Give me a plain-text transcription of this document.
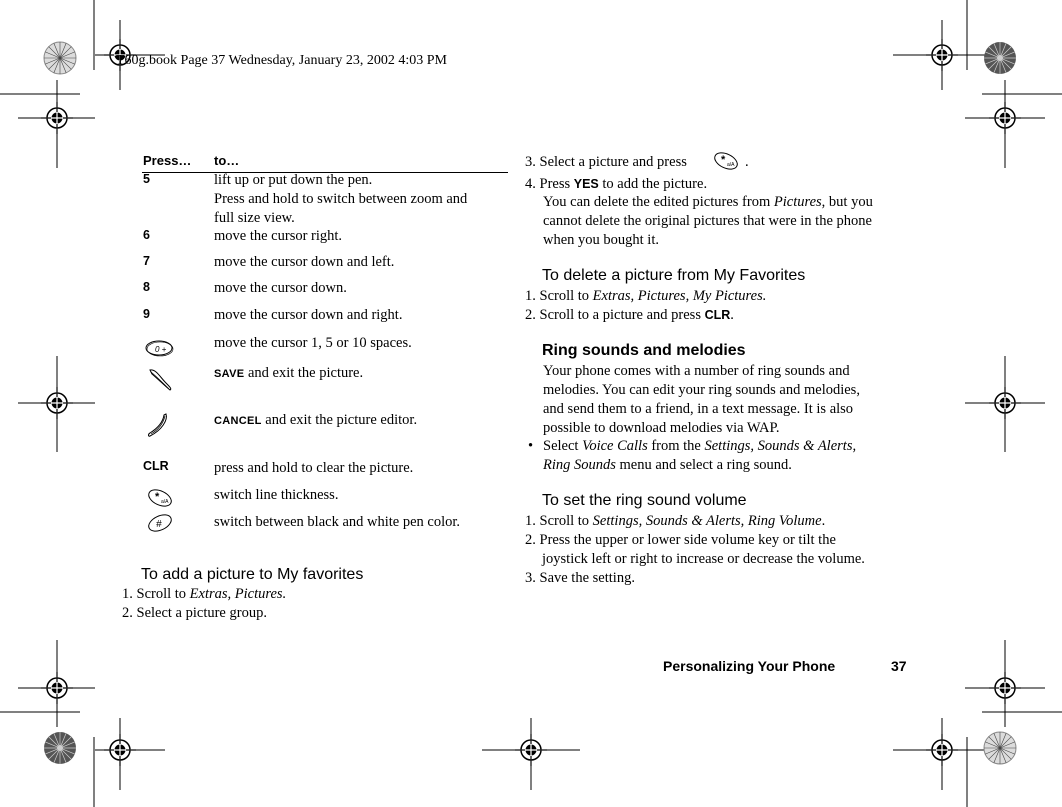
T60g.book Page 37 Wednesday, January 23, 2002 4:03 PM
Press… to…
5	lift up or put down the pen.
Press and hold to switch between zoom and
full size view.
6	move the cursor right.
7	move the cursor down and left.
8	move the cursor down.
9	move the cursor down and right.
0 +	move the cursor 1, 5 or 10 spaces.
SAVE and exit the picture.
CANCEL and exit the picture editor.
CLR	press and hold to clear the picture.
* a/A	switch line thickness.
#	switch between black and white pen color.
To add a picture to My favorites
1. Scroll to Extras, Pictures.
2. Select a picture group.
3. Select a picture and press	* a/A .
4. Press YES to add the picture.
You can delete the edited pictures from Pictures, but you
cannot delete the original pictures that were in the phone
when you bought it.
To delete a picture from My Favorites
1. Scroll to Extras, Pictures, My Pictures.
2. Scroll to a picture and press CLR.
Ring sounds and melodies
Your phone comes with a number of ring sounds and
melodies. You can edit your ring sounds and melodies,
and send them to a friend, in a text message. It is also
possible to download melodies via WAP.
• Select Voice Calls from the Settings, Sounds & Alerts,
Ring Sounds menu and select a ring sound.
To set the ring sound volume
1. Scroll to Settings, Sounds & Alerts, Ring Volume.
2. Press the upper or lower side volume key or tilt the
joystick left or right to increase or decrease the volume.
3. Save the setting.
Personalizing Your Phone	37
